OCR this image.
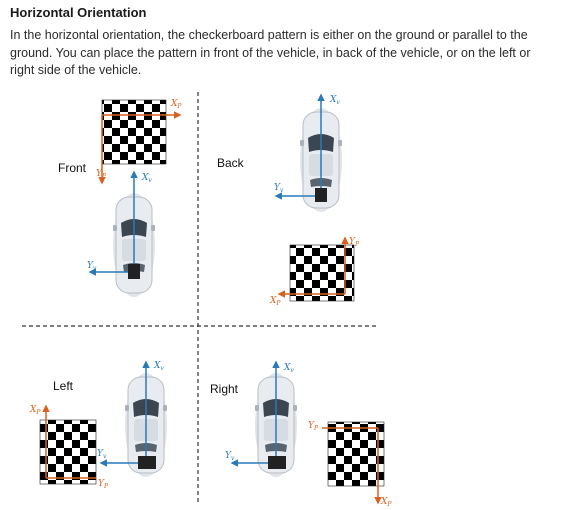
Horizontal Orientation
In the horizontal orientation, the checkerboard pattern is either on the ground or parallel to the ground. You can place the pattern in front of the vehicle, in back of the vehicle, or on the left or right side of the vehicle.
$X_P$
$Y_P$	$X_v$
$Y_v$
$X_v$
$Y_v$
$Y_P$
$X_P$
$X_v$
$Y_v$
$X_P$
$Y_P$
$X_v$
$Y_v$
$Y_P$
$X_P$
Front	Back
Left	Right
